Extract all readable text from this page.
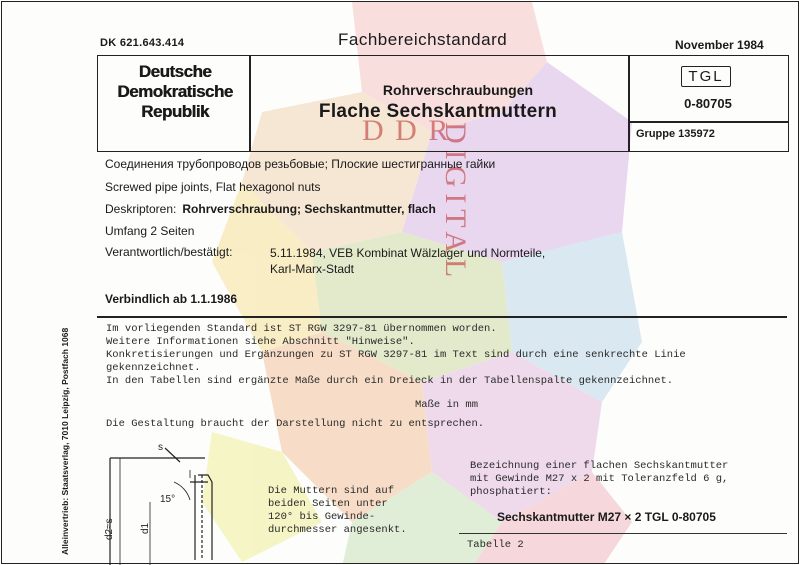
D D R
DIGITAL
DK 621.643.414	Fachbereichstandard	November 1984
Deutsche
Demokratische
Republik
Rohrverschraubungen
Flache Sechskantmuttern
TGL
0-80705
Gruppe 135972
Соединения трубопроводов резьбовые; Плоские шестигранные гайки
Screwed pipe joints, Flat hexagonol nuts
Deskriptoren: Rohrverschraubung; Sechskantmutter, flach
Umfang 2 Seiten
Verantwortlich/bestätigt:	5.11.1984, VEB Kombinat Wälzlager und Normteile,
Karl-Marx-Stadt
Verbindlich ab 1.1.1986
Im vorliegenden Standard ist ST RGW 3297-81 übernommen worden.
Weitere Informationen siehe Abschnitt "Hinweise".
Konkretisierungen und Ergänzungen zu ST RGW 3297-81 im Text sind durch eine senkrechte Linie
gekennzeichnet.
In den Tabellen sind ergänzte Maße durch ein Dreieck in der Tabellenspalte gekennzeichnet.
Maße in mm
Die Gestaltung braucht der Darstellung nicht zu entsprechen.
Alleinvertrieb: Staatsverlag, 7010 Leipzig, Postfach 1068	s
15°
d2≈s	d1
Die Muttern sind auf
beiden Seiten unter
120° bis Gewinde-
durchmesser angesenkt.
Bezeichnung einer flachen Sechskantmutter
mit Gewinde M27 x 2 mit Toleranzfeld 6 g,
phosphatiert:
Sechskantmutter M27 × 2 TGL 0-80705
Tabelle 2
